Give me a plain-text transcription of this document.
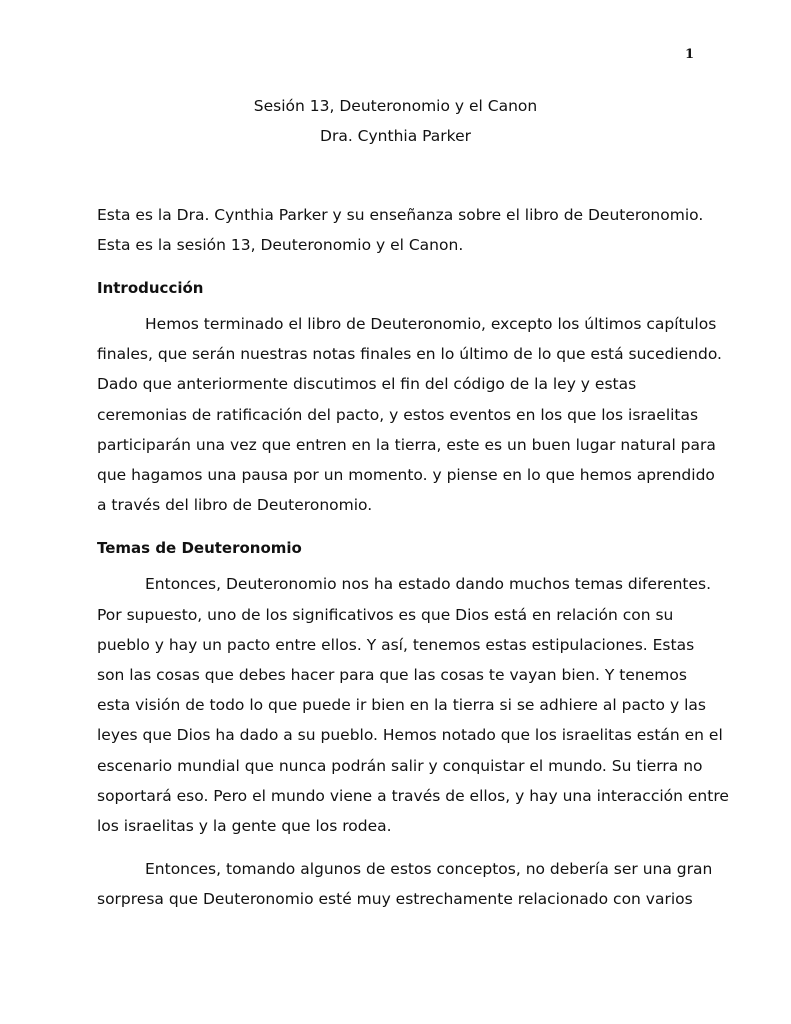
1
Sesión 13, Deuteronomio y el Canon
Dra. Cynthia Parker
Esta es la Dra. Cynthia Parker y su enseñanza sobre el libro de Deuteronomio.
Esta es la sesión 13, Deuteronomio y el Canon.
Introducción
Hemos terminado el libro de Deuteronomio, excepto los últimos capítulos
finales, que serán nuestras notas finales en lo último de lo que está sucediendo.
Dado que anteriormente discutimos el fin del código de la ley y estas
ceremonias de ratificación del pacto, y estos eventos en los que los israelitas
participarán una vez que entren en la tierra, este es un buen lugar natural para
que hagamos una pausa por un momento. y piense en lo que hemos aprendido
a través del libro de Deuteronomio.
Temas de Deuteronomio
Entonces, Deuteronomio nos ha estado dando muchos temas diferentes.
Por supuesto, uno de los significativos es que Dios está en relación con su
pueblo y hay un pacto entre ellos. Y así, tenemos estas estipulaciones. Estas
son las cosas que debes hacer para que las cosas te vayan bien. Y tenemos
esta visión de todo lo que puede ir bien en la tierra si se adhiere al pacto y las
leyes que Dios ha dado a su pueblo. Hemos notado que los israelitas están en el
escenario mundial que nunca podrán salir y conquistar el mundo. Su tierra no
soportará eso. Pero el mundo viene a través de ellos, y hay una interacción entre
los israelitas y la gente que los rodea.
Entonces, tomando algunos de estos conceptos, no debería ser una gran
sorpresa que Deuteronomio esté muy estrechamente relacionado con varios
